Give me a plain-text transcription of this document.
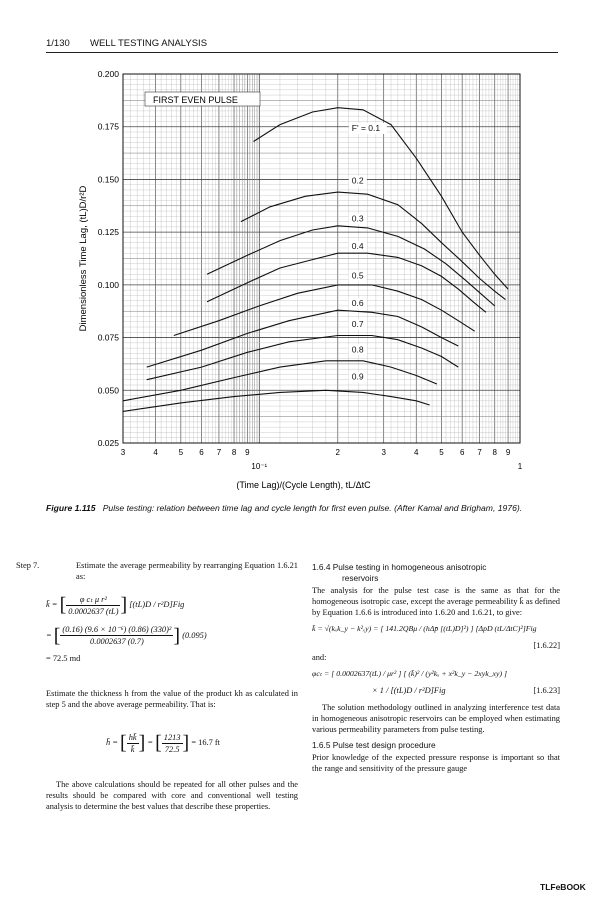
1/130 WELL TESTING ANALYSIS
FIRST EVEN PULSE
F' = 0.1
0.2
0.3
0.4
0.5
0.6
0.7
0.8
0.9
0.025
0.050
0.075
0.100
0.125
0.150
0.175
0.200
3	4	5 6 7 8 9
10⁻¹
2	3	4	5 6 7 8 9
1
Dimensionless Time Lag, (tL)D/r²D
(Time Lag)/(Cycle Length), tL/ΔtC
Figure 1.115 Pulse testing: relation between time lag and cycle length for first even pulse. (After Kamal and Brigham, 1976).

Step 7.	Estimate the average permeability by rearranging Equation 1.6.21 as:

k̄ = [ $\frac{\text{φ cₜ μ r²}}{0.0002637 (tL)}$ ] [(tL)D / r²D]Fig
= [ $\frac{\text{(0.16) (9.6 × 10⁻⁶) (0.86) (330)²}}{0.0002637 (0.7)}$ ] (0.095)
= 72.5 md

Estimate the thickness h from the value of the product kh as calculated in step 5 and the above average permeability. That is:

h̄ = [ $\frac{hk̄}{k̄}$ ] = [ $\frac{1213}{72.5}$ ] = 16.7 ft

The above calculations should be repeated for all other pulses and the results should be compared with core and conventional well testing analysis to determine the best values that describe these properties.

1.6.4 Pulse testing in homogeneous anisotropic
reservoirs

The analysis for the pulse test case is the same as that for the homogeneous isotropic case, except the average permeability k̄ as defined by Equation 1.6.6 is introduced into 1.6.20 and 1.6.21, to give:

k̄ = √(kₓk_y − k²ₓy) = [ 141.2QBμ / (hΔp̄ [(tL)D]²) ] [ΔpD (tL/ΔtC)²]Fig
[1.6.22]
and:
φcₜ = [ 0.0002637(tL) / μr² ] [ (k̄)² / (y²kₓ + x²k_y − 2xyk_xy) ]
× 1 / [(tL)D / r²D]Fig	[1.6.23]

The solution methodology outlined in analyzing interference test data in homogeneous anisotropic reservoirs can be employed when estimating various permeability parameters from pulse testing.

1.6.5 Pulse test design procedure

Prior knowledge of the expected pressure response is important so that the range and sensitivity of the pressure gauge

TLFeBOOK
